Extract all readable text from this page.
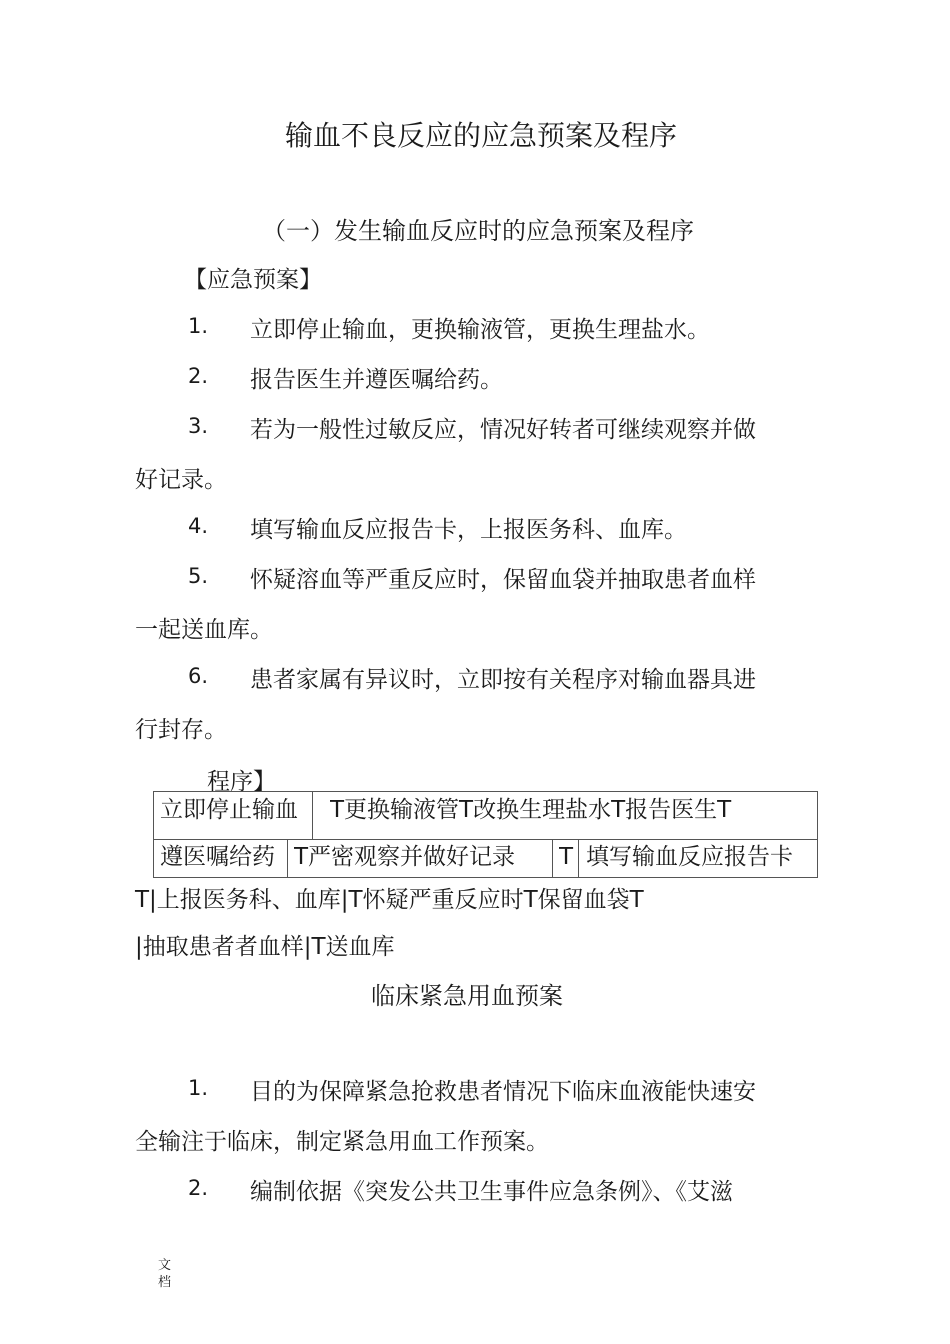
输血不良反应的应急预案及程序
（一）发生输血反应时的应急预案及程序
【应急预案】
1. 立即停止输血，更换输液管，更换生理盐水。
2. 报告医生并遵医嘱给药。
3. 若为一般性过敏反应，情况好转者可继续观察并做
好记录。
4. 填写输血反应报告卡，上报医务科、血库。
5. 怀疑溶血等严重反应时，保留血袋并抽取患者血样
一起送血库。
6. 患者家属有异议时，立即按有关程序对输血器具进
行封存。
程序】
立即停止输血	T更换输液管T改换生理盐水T报告医生T
遵医嘱给药 T严密观察并做好记录	T 填写输血反应报告卡
T|上报医务科、血库|T怀疑严重反应时T保留血袋T
|抽取患者者血样|T送血库
临床紧急用血预案
1. 目的为保障紧急抢救患者情况下临床血液能快速安
全输注于临床，制定紧急用血工作预案。
2. 编制依据《突发公共卫生事件应急条例》、《艾滋
文档
